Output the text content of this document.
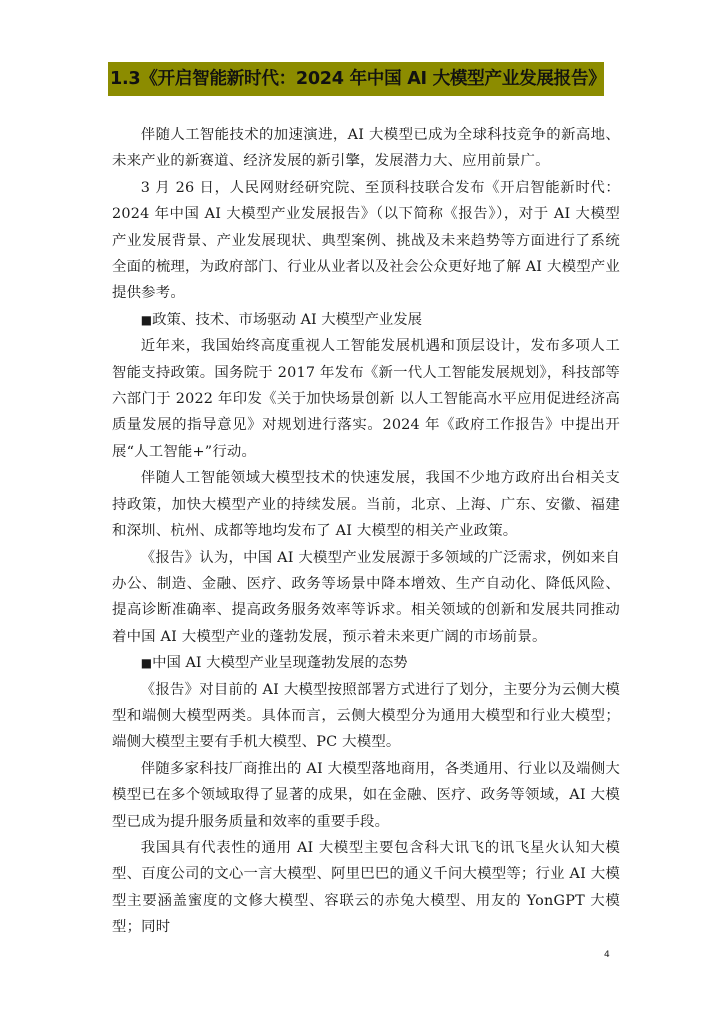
1.3《开启智能新时代：2024 年中国 AI 大模型产业发展报告》

伴随人工智能技术的加速演进，AI 大模型已成为全球科技竞争的新高地、未来产业的新赛道、经济发展的新引擎，发展潜力大、应用前景广。

3 月 26 日，人民网财经研究院、至顶科技联合发布《开启智能新时代：2024 年中国 AI 大模型产业发展报告》（以下简称《报告》），对于 AI 大模型产业发展背景、产业发展现状、典型案例、挑战及未来趋势等方面进行了系统全面的梳理，为政府部门、行业从业者以及社会公众更好地了解 AI 大模型产业提供参考。

■政策、技术、市场驱动 AI 大模型产业发展

近年来，我国始终高度重视人工智能发展机遇和顶层设计，发布多项人工智能支持政策。国务院于 2017 年发布《新一代人工智能发展规划》，科技部等六部门于 2022 年印发《关于加快场景创新 以人工智能高水平应用促进经济高质量发展的指导意见》对规划进行落实。2024 年《政府工作报告》中提出开展“人工智能+”行动。

伴随人工智能领域大模型技术的快速发展，我国不少地方政府出台相关支持政策，加快大模型产业的持续发展。当前，北京、上海、广东、安徽、福建和深圳、杭州、成都等地均发布了 AI 大模型的相关产业政策。

《报告》认为，中国 AI 大模型产业发展源于多领域的广泛需求，例如来自办公、制造、金融、医疗、政务等场景中降本增效、生产自动化、降低风险、提高诊断准确率、提高政务服务效率等诉求。相关领域的创新和发展共同推动着中国 AI 大模型产业的蓬勃发展，预示着未来更广阔的市场前景。

■中国 AI 大模型产业呈现蓬勃发展的态势

《报告》对目前的 AI 大模型按照部署方式进行了划分，主要分为云侧大模型和端侧大模型两类。具体而言，云侧大模型分为通用大模型和行业大模型；端侧大模型主要有手机大模型、PC 大模型。

伴随多家科技厂商推出的 AI 大模型落地商用，各类通用、行业以及端侧大模型已在多个领域取得了显著的成果，如在金融、医疗、政务等领域，AI 大模型已成为提升服务质量和效率的重要手段。

我国具有代表性的通用 AI 大模型主要包含科大讯飞的讯飞星火认知大模型、百度公司的文心一言大模型、阿里巴巴的通义千问大模型等；行业 AI 大模型主要涵盖蜜度的文修大模型、容联云的赤兔大模型、用友的 YonGPT 大模型；同时

4
